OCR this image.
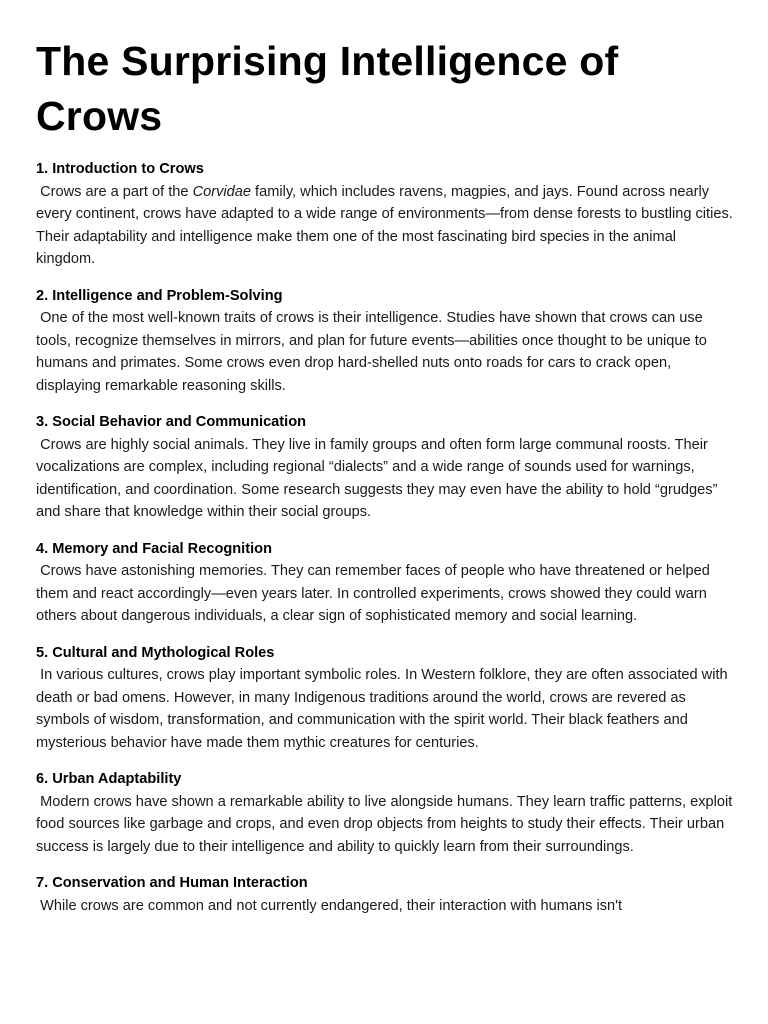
The Surprising Intelligence of Crows

1. Introduction to Crows

Crows are a part of the Corvidae family, which includes ravens, magpies, and jays. Found across nearly every continent, crows have adapted to a wide range of environments—from dense forests to bustling cities. Their adaptability and intelligence make them one of the most fascinating bird species in the animal kingdom.

2. Intelligence and Problem-Solving

One of the most well-known traits of crows is their intelligence. Studies have shown that crows can use tools, recognize themselves in mirrors, and plan for future events—abilities once thought to be unique to humans and primates. Some crows even drop hard-shelled nuts onto roads for cars to crack open, displaying remarkable reasoning skills.

3. Social Behavior and Communication

Crows are highly social animals. They live in family groups and often form large communal roosts. Their vocalizations are complex, including regional “dialects” and a wide range of sounds used for warnings, identification, and coordination. Some research suggests they may even have the ability to hold “grudges” and share that knowledge within their social groups.

4. Memory and Facial Recognition

Crows have astonishing memories. They can remember faces of people who have threatened or helped them and react accordingly—even years later. In controlled experiments, crows showed they could warn others about dangerous individuals, a clear sign of sophisticated memory and social learning.

5. Cultural and Mythological Roles

In various cultures, crows play important symbolic roles. In Western folklore, they are often associated with death or bad omens. However, in many Indigenous traditions around the world, crows are revered as symbols of wisdom, transformation, and communication with the spirit world. Their black feathers and mysterious behavior have made them mythic creatures for centuries.

6. Urban Adaptability

Modern crows have shown a remarkable ability to live alongside humans. They learn traffic patterns, exploit food sources like garbage and crops, and even drop objects from heights to study their effects. Their urban success is largely due to their intelligence and ability to quickly learn from their surroundings.

7. Conservation and Human Interaction

While crows are common and not currently endangered, their interaction with humans isn't
